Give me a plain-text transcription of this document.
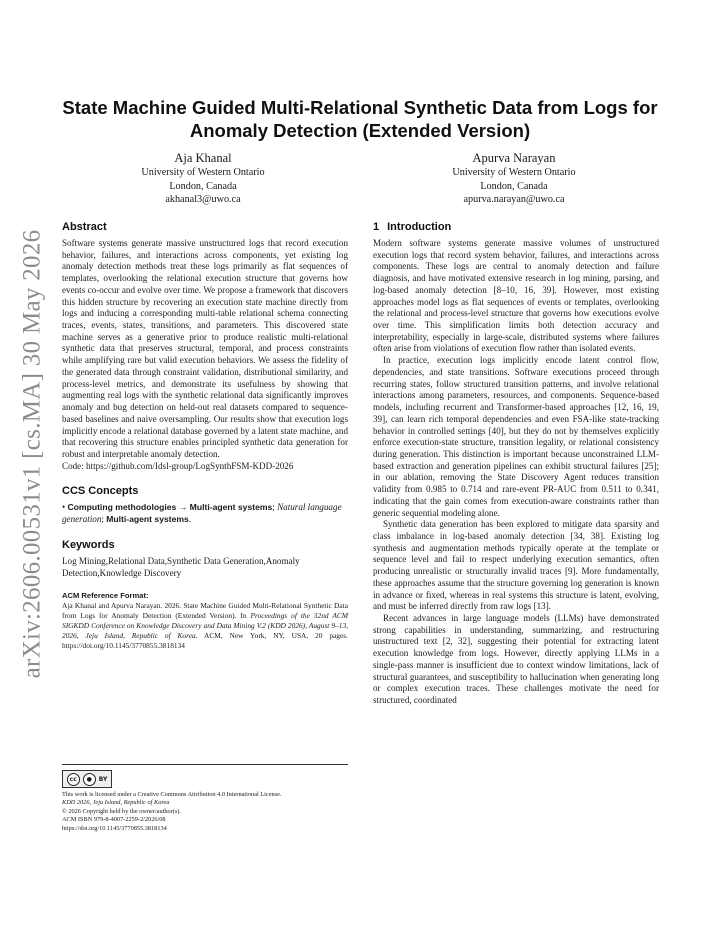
arXiv:2606.00531v1 [cs.MA] 30 May 2026
State Machine Guided Multi-Relational Synthetic Data from Logs for Anomaly Detection (Extended Version)
Aja Khanal
University of Western Ontario
London, Canada
akhanal3@uwo.ca
Apurva Narayan
University of Western Ontario
London, Canada
apurva.narayan@uwo.ca
Abstract

Software systems generate massive unstructured logs that record execution behavior, failures, and interactions across components, yet existing log anomaly detection methods treat these logs primarily as flat sequences of templates, overlooking the relational execution structure that governs how events co-occur and evolve over time. We propose a framework that discovers this hidden structure by recovering an execution state machine directly from logs and inducing a corresponding multi-table relational schema connecting traces, events, states, transitions, and parameters. This discovered state machine serves as a generative prior to produce realistic multi-relational synthetic data that preserves structural, temporal, and process constraints while amplifying rare but valid execution behaviors. We assess the fidelity of the generated data through constraint validation, distributional similarity, and process-level metrics, and demonstrate its usefulness by showing that augmenting real logs with the synthetic relational data significantly improves anomaly and bug detection on held-out real datasets compared to sequence-based baselines and naive oversampling. Our results show that execution logs implicitly encode a relational database governed by a latent state machine, and that recovering this structure enables principled synthetic data generation for robust and interpretable anomaly detection.

Code: https://github.com/Idsl-group/LogSynthFSM-KDD-2026

CCS Concepts
• Computing methodologies → Multi-agent systems; Natural language generation; Multi-agent systems.
Keywords

Log Mining,Relational Data,Synthetic Data Generation,Anomaly Detection,Knowledge Discovery

ACM Reference Format:

Aja Khanal and Apurva Narayan. 2026. State Machine Guided Multi-Relational Synthetic Data from Logs for Anomaly Detection (Extended Version). In Proceedings of the 32nd ACM SIGKDD Conference on Knowledge Discovery and Data Mining V.2 (KDD 2026), August 9–13, 2026, Jeju Island, Republic of Korea. ACM, New York, NY, USA, 20 pages. https://doi.org/10.1145/3770855.3818134

cc	●	BY
This work is licensed under a Creative Commons Attribution 4.0 International License.
KDD 2026, Jeju Island, Republic of Korea
© 2026 Copyright held by the owner/author(s).
ACM ISBN 979-8-4007-2259-2/2026/08
https://doi.org/10.1145/3770855.3818134
1 Introduction

Modern software systems generate massive volumes of unstructured execution logs that record system behavior, failures, and interactions across components. These logs are central to anomaly detection and failure diagnosis, and have motivated extensive research in log mining, parsing, and log-based anomaly detection [8–10, 16, 39]. However, most existing approaches model logs as flat sequences of events or templates, overlooking the relational and process-level structure that governs how executions evolve over time. This simplification limits both detection accuracy and interpretability, especially in large-scale, distributed systems where failures often arise from violations of execution flow rather than isolated events.

In practice, execution logs implicitly encode latent control flow, dependencies, and state transitions. Software executions proceed through recurring states, follow structured transition patterns, and involve relational interactions among parameters, resources, and components. Sequence-based models, including recurrent and Transformer-based approaches [12, 16, 19, 39], can learn rich temporal dependencies and even FSA-like state-tracking behavior in controlled settings [40], but they do not by themselves explicitly enforce execution-state structure, transition legality, or relational consistency during generation. This distinction is important because unconstrained LLM-based extraction and generation pipelines can exhibit structural failures [25]; in our ablation, removing the State Discovery Agent reduces transition validity from 0.985 to 0.714 and rare-event PR-AUC from 0.511 to 0.341, indicating that the gain comes from execution-aware constraints rather than generic sequential modeling alone.

Synthetic data generation has been explored to mitigate data sparsity and class imbalance in log-based anomaly detection [34, 38]. Existing log synthesis and augmentation methods typically operate at the template or sequence level and fail to respect underlying execution semantics, often producing unrealistic or structurally invalid traces [9]. More fundamentally, these approaches assume that the structure governing log generation is known in advance or fixed, whereas in real systems this structure is latent, evolving, and must be inferred directly from raw logs [13].

Recent advances in large language models (LLMs) have demonstrated strong capabilities in understanding, summarizing, and restructuring unstructured text [2, 32], suggesting their potential for extracting latent execution knowledge from logs. However, directly applying LLMs in a single-pass manner is insufficient due to context window limitations, lack of structural guarantees, and susceptibility to hallucination when generating long or complex execution traces. These challenges motivate the need for structured, coordinated
